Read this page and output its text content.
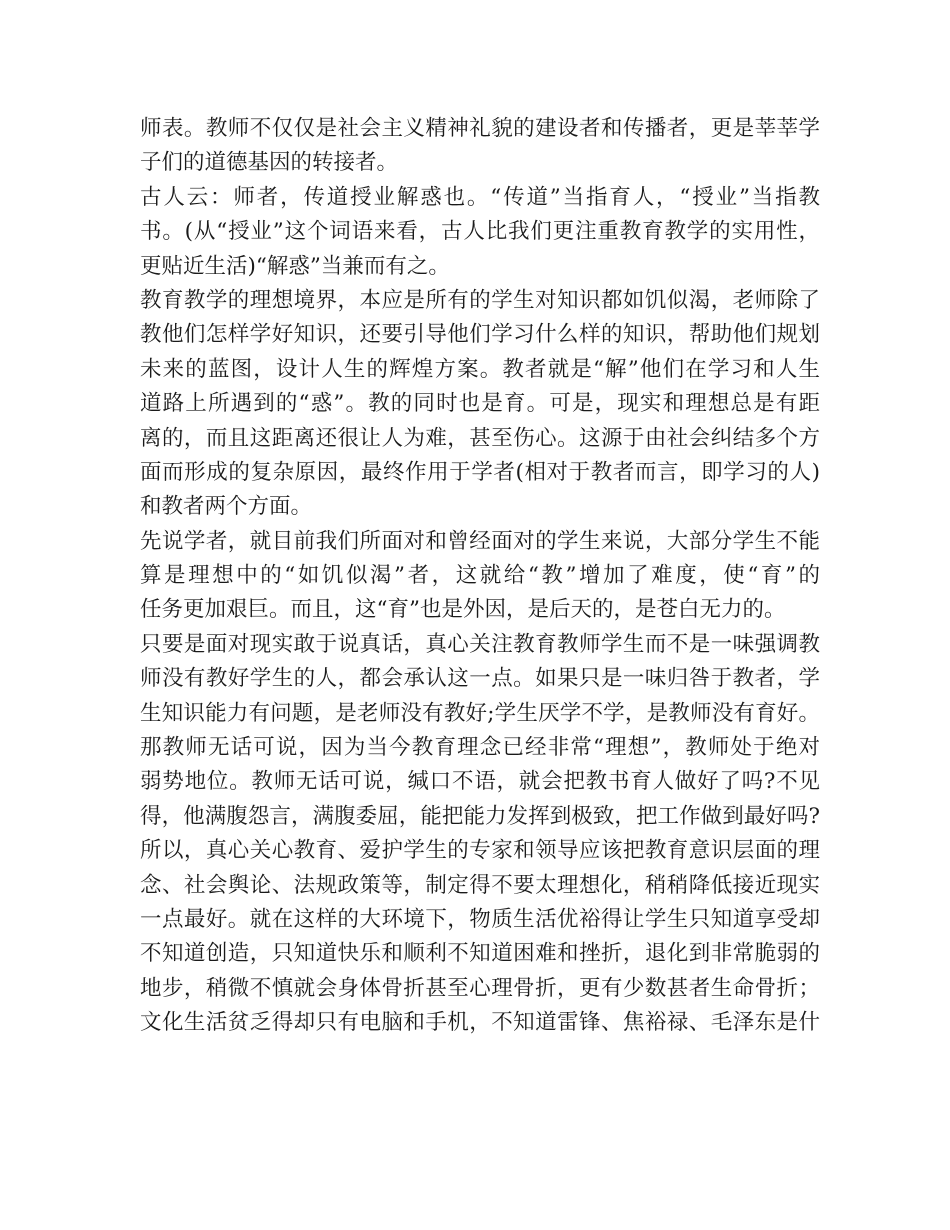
师表。教师不仅仅是社会主义精神礼貌的建设者和传播者，更是莘莘学
子们的道德基因的转接者。
古人云：师者，传道授业解惑也。“传道”当指育人，“授业”当指教
书。(从“授业”这个词语来看，古人比我们更注重教育教学的实用性，
更贴近生活)“解惑”当兼而有之。
教育教学的理想境界，本应是所有的学生对知识都如饥似渴，老师除了
教他们怎样学好知识，还要引导他们学习什么样的知识，帮助他们规划
未来的蓝图，设计人生的辉煌方案。教者就是“解”他们在学习和人生
道路上所遇到的“惑”。教的同时也是育。可是，现实和理想总是有距
离的，而且这距离还很让人为难，甚至伤心。这源于由社会纠结多个方
面而形成的复杂原因，最终作用于学者(相对于教者而言，即学习的人)
和教者两个方面。
先说学者，就目前我们所面对和曾经面对的学生来说，大部分学生不能
算是理想中的“如饥似渴”者，这就给“教”增加了难度，使“育”的
任务更加艰巨。而且，这“育”也是外因，是后天的，是苍白无力的。
只要是面对现实敢于说真话，真心关注教育教师学生而不是一味强调教
师没有教好学生的人，都会承认这一点。如果只是一味归咎于教者，学
生知识能力有问题，是老师没有教好;学生厌学不学，是教师没有育好。
那教师无话可说，因为当今教育理念已经非常“理想”，教师处于绝对
弱势地位。教师无话可说，缄口不语，就会把教书育人做好了吗?不见
得，他满腹怨言，满腹委屈，能把能力发挥到极致，把工作做到最好吗?
所以，真心关心教育、爱护学生的专家和领导应该把教育意识层面的理
念、社会舆论、法规政策等，制定得不要太理想化，稍稍降低接近现实
一点最好。就在这样的大环境下，物质生活优裕得让学生只知道享受却
不知道创造，只知道快乐和顺利不知道困难和挫折，退化到非常脆弱的
地步，稍微不慎就会身体骨折甚至心理骨折，更有少数甚者生命骨折；
文化生活贫乏得却只有电脑和手机，不知道雷锋、焦裕禄、毛泽东是什
